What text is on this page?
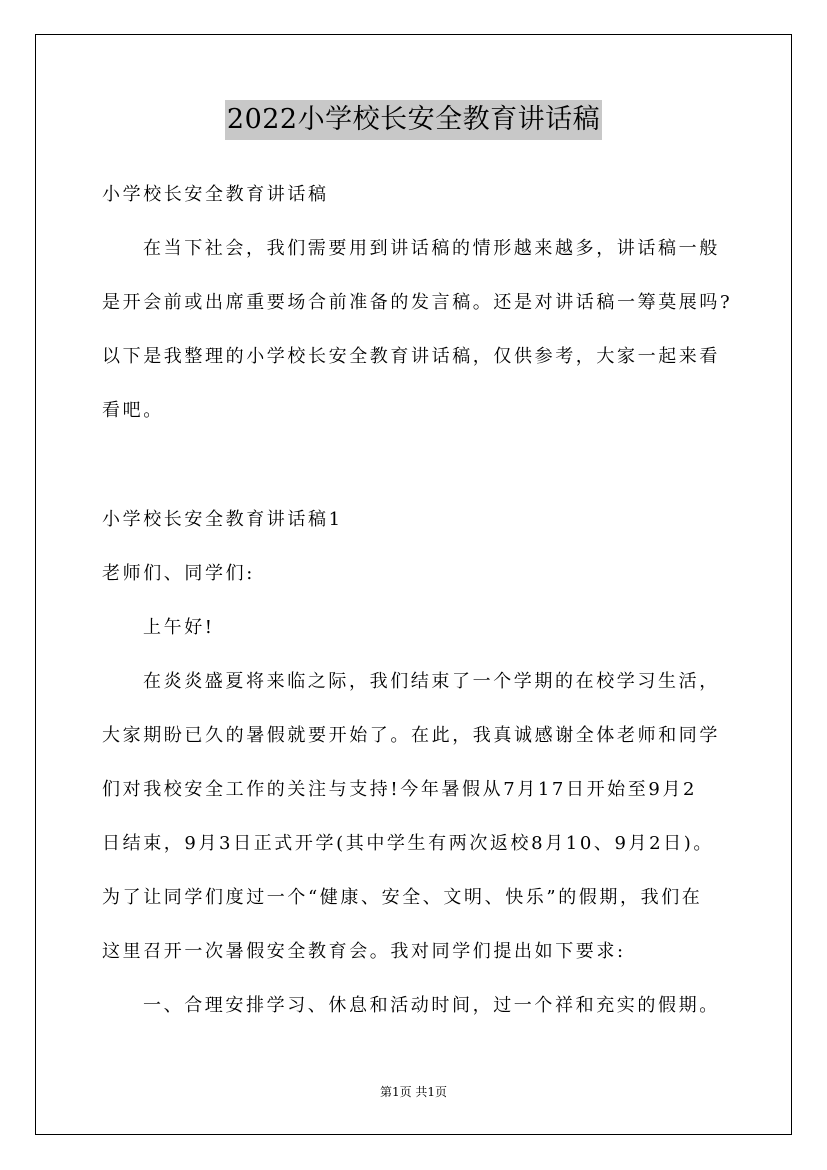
2022小学校长安全教育讲话稿
小学校长安全教育讲话稿
在当下社会，我们需要用到讲话稿的情形越来越多，讲话稿一般
是开会前或出席重要场合前准备的发言稿。还是对讲话稿一筹莫展吗?
以下是我整理的小学校长安全教育讲话稿，仅供参考，大家一起来看
看吧。
小学校长安全教育讲话稿1
老师们、同学们:
上午好!
在炎炎盛夏将来临之际，我们结束了一个学期的在校学习生活，
大家期盼已久的暑假就要开始了。在此，我真诚感谢全体老师和同学
们对我校安全工作的关注与支持!今年暑假从7月17日开始至9月2
日结束，9月3日正式开学(其中学生有两次返校8月10、9月2日)。
为了让同学们度过一个“健康、安全、文明、快乐”的假期，我们在
这里召开一次暑假安全教育会。我对同学们提出如下要求:
一、合理安排学习、休息和活动时间，过一个祥和充实的假期。
第1页 共1页
